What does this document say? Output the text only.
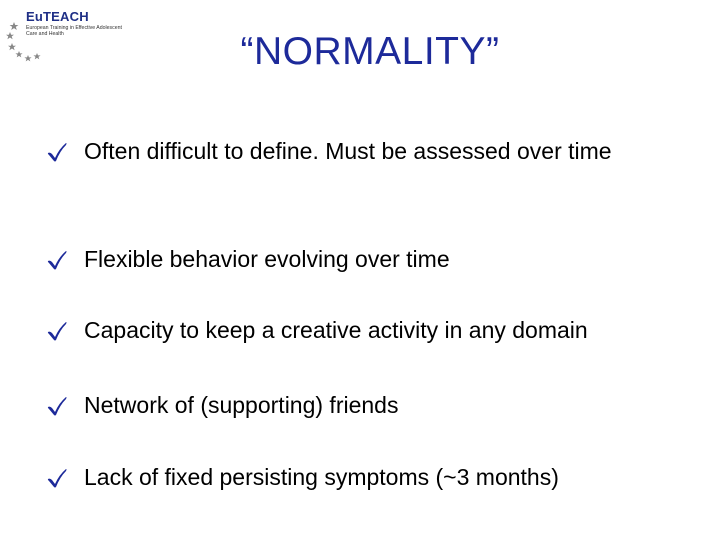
EuTEACH
European Training in Effective Adolescent
Care and Health	“NORMALITY”
Often difficult to define. Must be assessed over time
Flexible behavior evolving over time
Capacity to keep a creative activity in any domain
Network of (supporting) friends
Lack of fixed persisting symptoms (~3 months)
